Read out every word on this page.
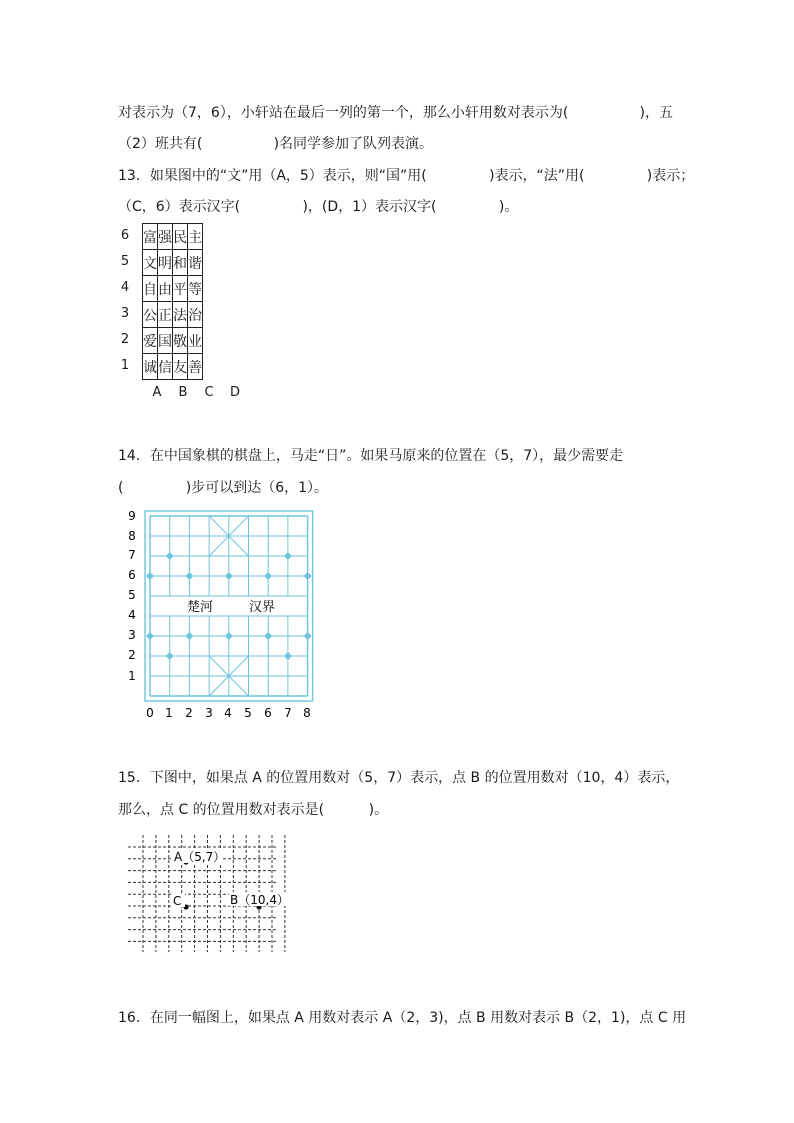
对表示为（7，6），小轩站在最后一列的第一个，那么小轩用数对表示为(                )，五
（2）班共有(                )名同学参加了队列表演。
13．如果图中的“文”用（A，5）表示，则“国”用(              )表示，“法”用(              )表示；
（C，6）表示汉字(              )，(D，1）表示汉字(              )。
6
5
4
3
2
1
富	强	民	主
文	明	和	谐
自	由	平	等
公	正	法	治
爱	国	敬	业
诚	信	友	善
A	B	C	D
14．在中国象棋的棋盘上，马走“日”。如果马原来的位置在（5，7），最少需要走
(              )步可以到达（6，1）。
9
8
7
6
5
4
3
2
1
0 1 2 3 4 5 6 7 8
楚河	汉界
15．下图中，如果点 A 的位置用数对（5，7）表示，点 B 的位置用数对（10，4）表示，
那么，点 C 的位置用数对表示是(          )。
A（5,7）
C	B（10,4）
16．在同一幅图上，如果点 A 用数对表示 A（2，3)，点 B 用数对表示 B（2，1)，点 C 用
